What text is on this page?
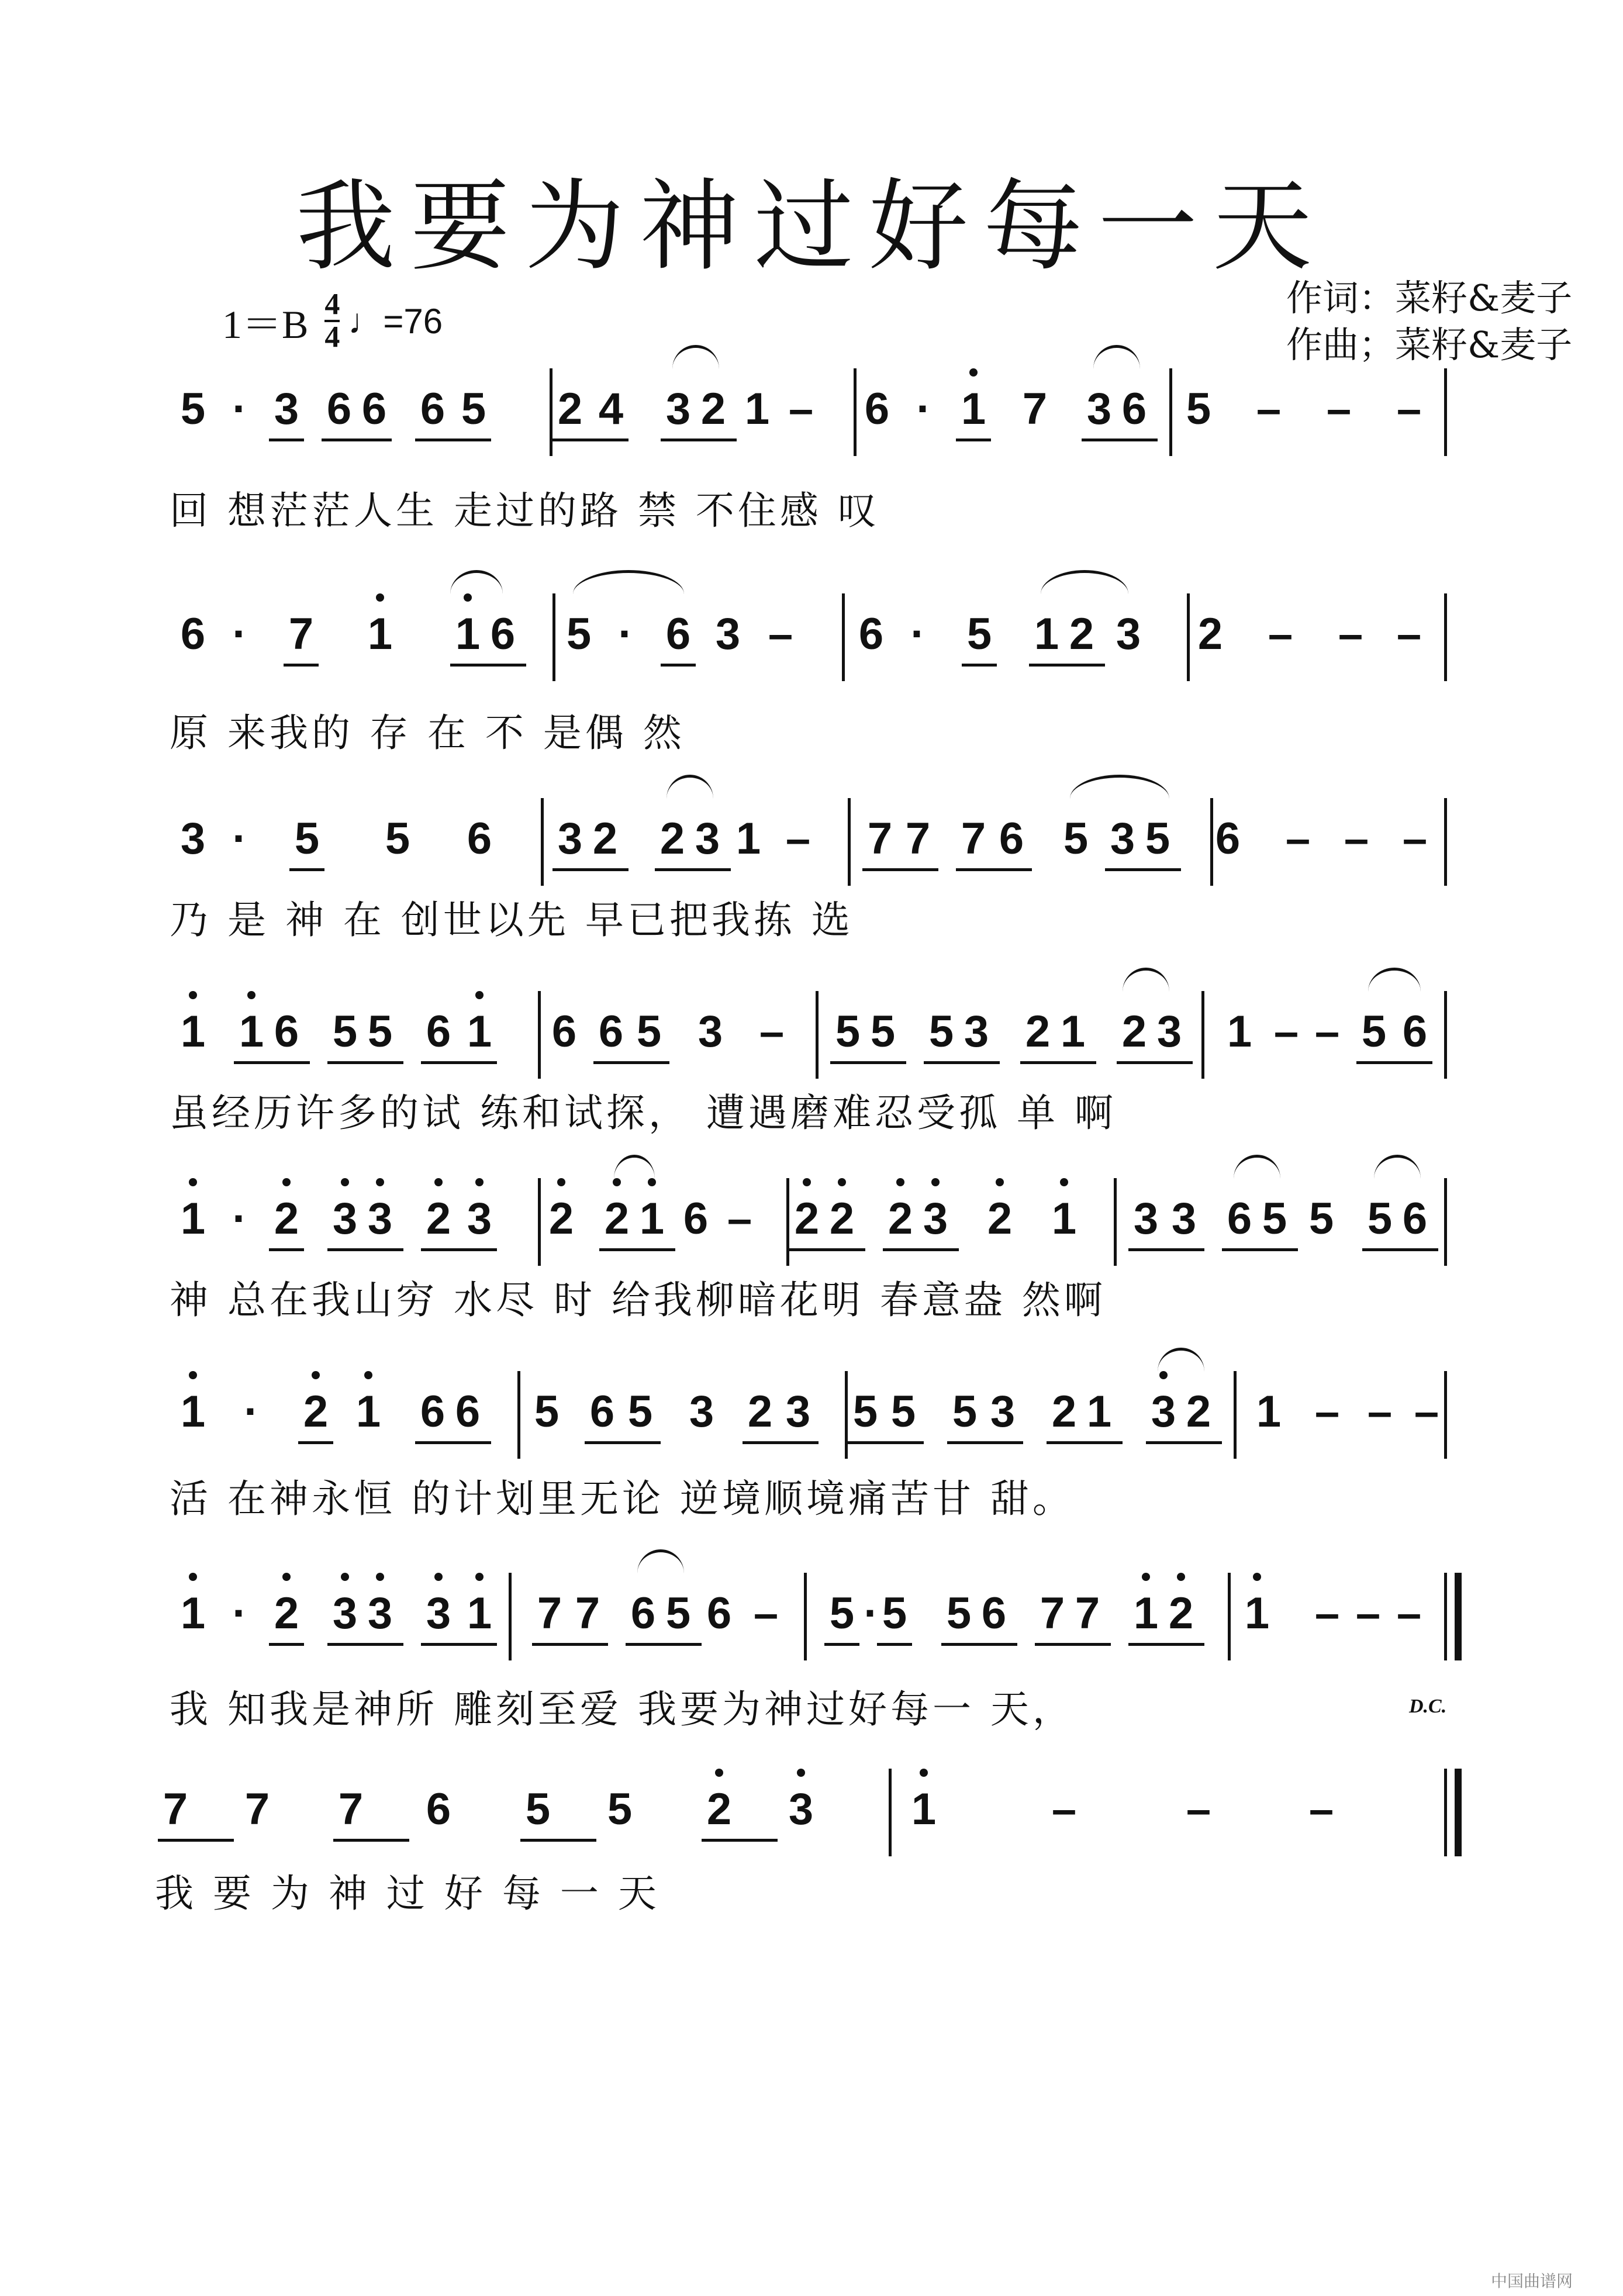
我要为神过好每一天
1＝B 4
4 ♩=76
作词：菜籽&麦子
作曲；菜籽&麦子
5 · 3 6 6 6 5 2 4 3 2 1 – 6 · 1 7 3 6 5 – – –
回 想茫茫人生 走过的路 禁 不住感 叹
6 · 7 1 1 6 5 · 6 3 – 6 · 5 1 2 3 2 – – –
原 来我的 存 在 不 是偶 然
3 · 5 5 6 3 2 2 3 1 – 7 7 7 6 5 3 5 6 – – –
乃 是 神 在 创世以先 早已把我拣 选
1 1 6 5 5 6 1 6 6 5 3 – 5 5 5 3 2 1 2 3 1 – – 5 6
虽经历许多的试 练和试探， 遭遇磨难忍受孤 单 啊
1 · 2 3 3 2 3 2 2 1 6 – 2 2 2 3 2 1 3 3 6 5 5 5 6
神 总在我山穷 水尽 时 给我柳暗花明 春意盎 然啊
1 · 2 1 6 6 5 6 5 3 2 3 5 5 5 3 2 1 3 2 1 – – –
活 在神永恒 的计划里无论 逆境顺境痛苦甘 甜。
1 · 2 3 3 3 1 7 7 6 5 6 – 5 · 5 5 6 7 7 1 2 1 – – –
我 知我是神所 雕刻至爱 我要为神过好每一 天，
7 7 7 6 5 5 2 3 1	– – –
我 要 为 神 过 好 每 一 天
D.C.
中国曲谱网
